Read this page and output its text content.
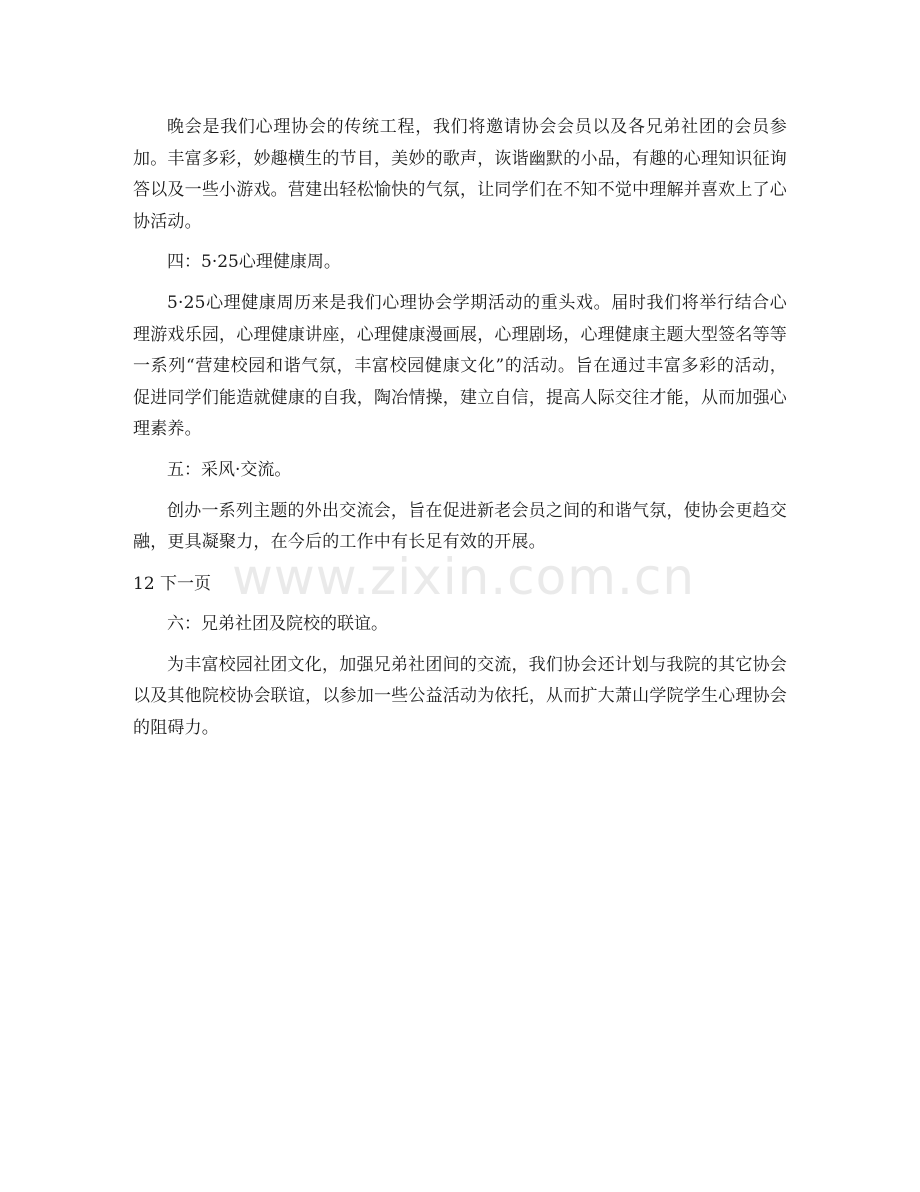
晚会是我们心理协会的传统工程，我们将邀请协会会员以及各兄弟社团的会员参加。丰富多彩，妙趣横生的节目，美妙的歌声，诙谐幽默的小品，有趣的心理知识征询答以及一些小游戏。营建出轻松愉快的气氛，让同学们在不知不觉中理解并喜欢上了心协活动。

四：5·25心理健康周。

5·25心理健康周历来是我们心理协会学期活动的重头戏。届时我们将举行结合心理游戏乐园，心理健康讲座，心理健康漫画展，心理剧场，心理健康主题大型签名等等一系列“营建校园和谐气氛，丰富校园健康文化”的活动。旨在通过丰富多彩的活动，促进同学们能造就健康的自我，陶冶情操，建立自信，提高人际交往才能，从而加强心理素养。

五：采风·交流。

创办一系列主题的外出交流会，旨在促进新老会员之间的和谐气氛，使协会更趋交融，更具凝聚力，在今后的工作中有长足有效的开展。

12 下一页

六：兄弟社团及院校的联谊。

为丰富校园社团文化，加强兄弟社团间的交流，我们协会还计划与我院的其它协会以及其他院校协会联谊，以参加一些公益活动为依托，从而扩大萧山学院学生心理协会的阻碍力。

www.zixin.com.cn
